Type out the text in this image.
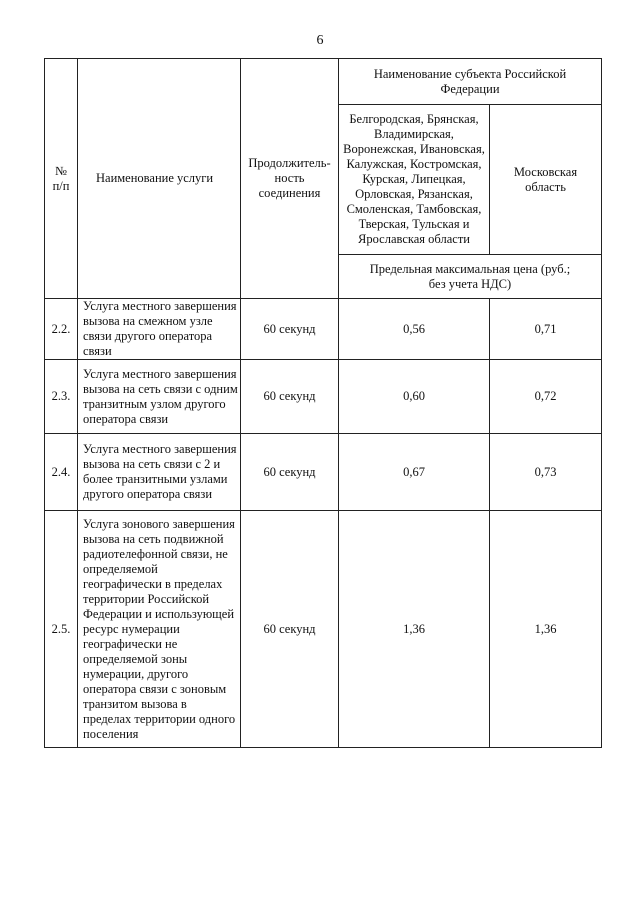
6
№ п/п	Наименование услуги	Продолжитель-ность соединения	Наименование субъекта Российской Федерации	
			Белгородская, Брянская, Владимирская, Воронежская, Ивановская, Калужская, Костромская, Курская, Липецкая, Орловская, Рязанская, Смоленская, Тамбовская, Тверская, Тульская и Ярославская области	Московская область
			Предельная максимальная цена (руб.; без учета НДС)	
2.2.	Услуга местного завершения вызова на смежном узле связи другого оператора связи	60 секунд	0,56	0,71
2.3.	Услуга местного завершения вызова на сеть связи с одним транзитным узлом другого оператора связи	60 секунд	0,60	0,72
2.4.	Услуга местного завершения вызова на сеть связи с 2 и более транзитными узлами другого оператора связи	60 секунд	0,67	0,73
2.5.	Услуга зонового завершения вызова на сеть подвижной радиотелефонной связи, не определяемой географически в пределах территории Российской Федерации и использующей ресурс нумерации географически не определяемой зоны нумерации, другого оператора связи с зоновым транзитом вызова в пределах территории одного поселения	60 секунд	1,36	1,36
